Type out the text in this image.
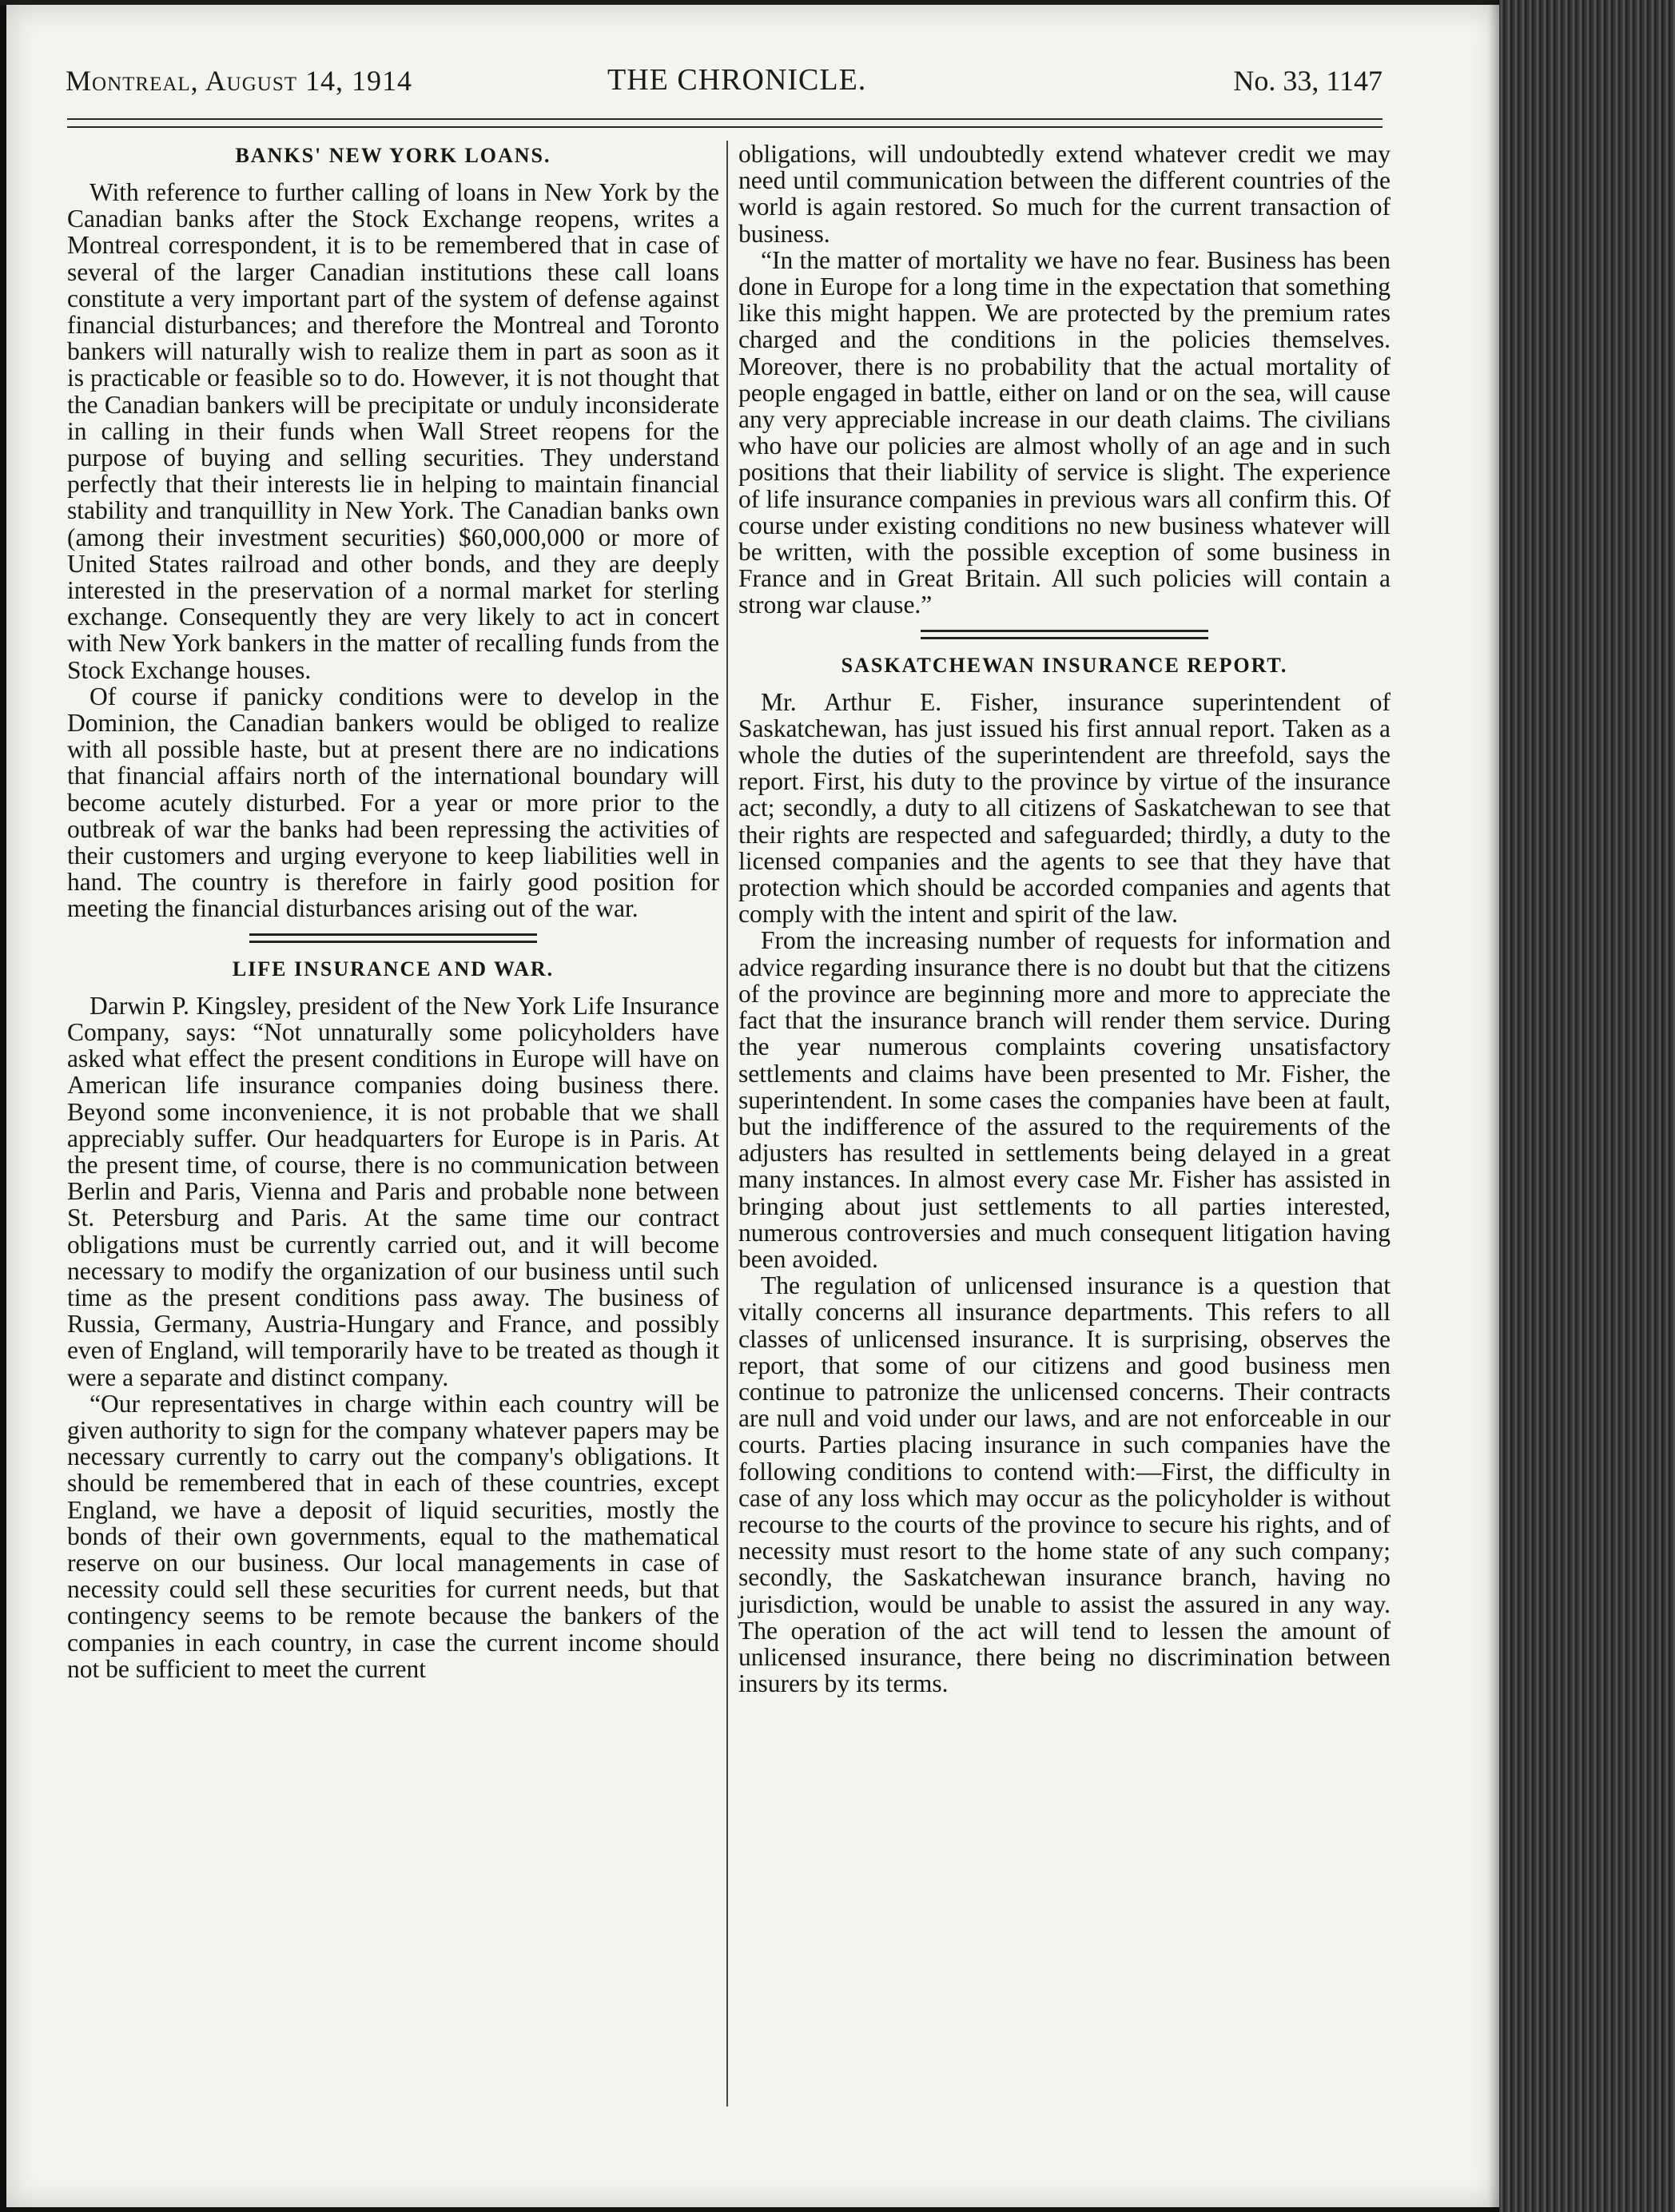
Montreal, August 14, 1914	THE CHRONICLE.	No. 33, 1147
BANKS' NEW YORK LOANS.

With reference to further calling of loans in New York by the Canadian banks after the Stock Exchange reopens, writes a Montreal correspondent, it is to be remembered that in case of several of the larger Canadian institutions these call loans constitute a very important part of the system of defense against financial disturbances; and therefore the Montreal and Toronto bankers will naturally wish to realize them in part as soon as it is practicable or feasible so to do. However, it is not thought that the Canadian bankers will be precipitate or unduly inconsiderate in calling in their funds when Wall Street reopens for the purpose of buying and selling securities. They understand perfectly that their interests lie in helping to maintain financial stability and tranquillity in New York. The Canadian banks own (among their investment securities) $60,000,000 or more of United States railroad and other bonds, and they are deeply interested in the preservation of a normal market for sterling exchange. Consequently they are very likely to act in concert with New York bankers in the matter of recalling funds from the Stock Exchange houses.

Of course if panicky conditions were to develop in the Dominion, the Canadian bankers would be obliged to realize with all possible haste, but at present there are no indications that financial affairs north of the international boundary will become acutely disturbed. For a year or more prior to the outbreak of war the banks had been repressing the activities of their customers and urging everyone to keep liabilities well in hand. The country is therefore in fairly good position for meeting the financial disturbances arising out of the war.

LIFE INSURANCE AND WAR.

Darwin P. Kingsley, president of the New York Life Insurance Company, says: “Not unnaturally some policyholders have asked what effect the present conditions in Europe will have on American life insurance companies doing business there. Beyond some inconvenience, it is not probable that we shall appreciably suffer. Our headquarters for Europe is in Paris. At the present time, of course, there is no communication between Berlin and Paris, Vienna and Paris and probable none between St. Petersburg and Paris. At the same time our contract obligations must be currently carried out, and it will become necessary to modify the organization of our business until such time as the present conditions pass away. The business of Russia, Germany, Austria-Hungary and France, and possibly even of England, will temporarily have to be treated as though it were a separate and distinct company.

“Our representatives in charge within each country will be given authority to sign for the company whatever papers may be necessary currently to carry out the company's obligations. It should be remembered that in each of these countries, except England, we have a deposit of liquid securities, mostly the bonds of their own governments, equal to the mathematical reserve on our business. Our local managements in case of necessity could sell these securities for current needs, but that contingency seems to be remote because the bankers of the companies in each country, in case the current income should not be sufficient to meet the current

obligations, will undoubtedly extend whatever credit we may need until communication between the different countries of the world is again restored. So much for the current transaction of business.

“In the matter of mortality we have no fear. Business has been done in Europe for a long time in the expectation that something like this might happen. We are protected by the premium rates charged and the conditions in the policies themselves. Moreover, there is no probability that the actual mortality of people engaged in battle, either on land or on the sea, will cause any very appreciable increase in our death claims. The civilians who have our policies are almost wholly of an age and in such positions that their liability of service is slight. The experience of life insurance companies in previous wars all confirm this. Of course under existing conditions no new business whatever will be written, with the possible exception of some business in France and in Great Britain. All such policies will contain a strong war clause.”

SASKATCHEWAN INSURANCE REPORT.

Mr. Arthur E. Fisher, insurance superintendent of Saskatchewan, has just issued his first annual report. Taken as a whole the duties of the superintendent are threefold, says the report. First, his duty to the province by virtue of the insurance act; secondly, a duty to all citizens of Saskatchewan to see that their rights are respected and safeguarded; thirdly, a duty to the licensed companies and the agents to see that they have that protection which should be accorded companies and agents that comply with the intent and spirit of the law.

From the increasing number of requests for information and advice regarding insurance there is no doubt but that the citizens of the province are beginning more and more to appreciate the fact that the insurance branch will render them service. During the year numerous complaints covering unsatisfactory settlements and claims have been presented to Mr. Fisher, the superintendent. In some cases the companies have been at fault, but the indifference of the assured to the requirements of the adjusters has resulted in settlements being delayed in a great many instances. In almost every case Mr. Fisher has assisted in bringing about just settlements to all parties interested, numerous controversies and much consequent litigation having been avoided.

The regulation of unlicensed insurance is a question that vitally concerns all insurance departments. This refers to all classes of unlicensed insurance. It is surprising, observes the report, that some of our citizens and good business men continue to patronize the unlicensed concerns. Their contracts are null and void under our laws, and are not enforceable in our courts. Parties placing insurance in such companies have the following conditions to contend with:—First, the difficulty in case of any loss which may occur as the policyholder is without recourse to the courts of the province to secure his rights, and of necessity must resort to the home state of any such company; secondly, the Saskatchewan insurance branch, having no jurisdiction, would be unable to assist the assured in any way. The operation of the act will tend to lessen the amount of unlicensed insurance, there being no discrimination between insurers by its terms.
